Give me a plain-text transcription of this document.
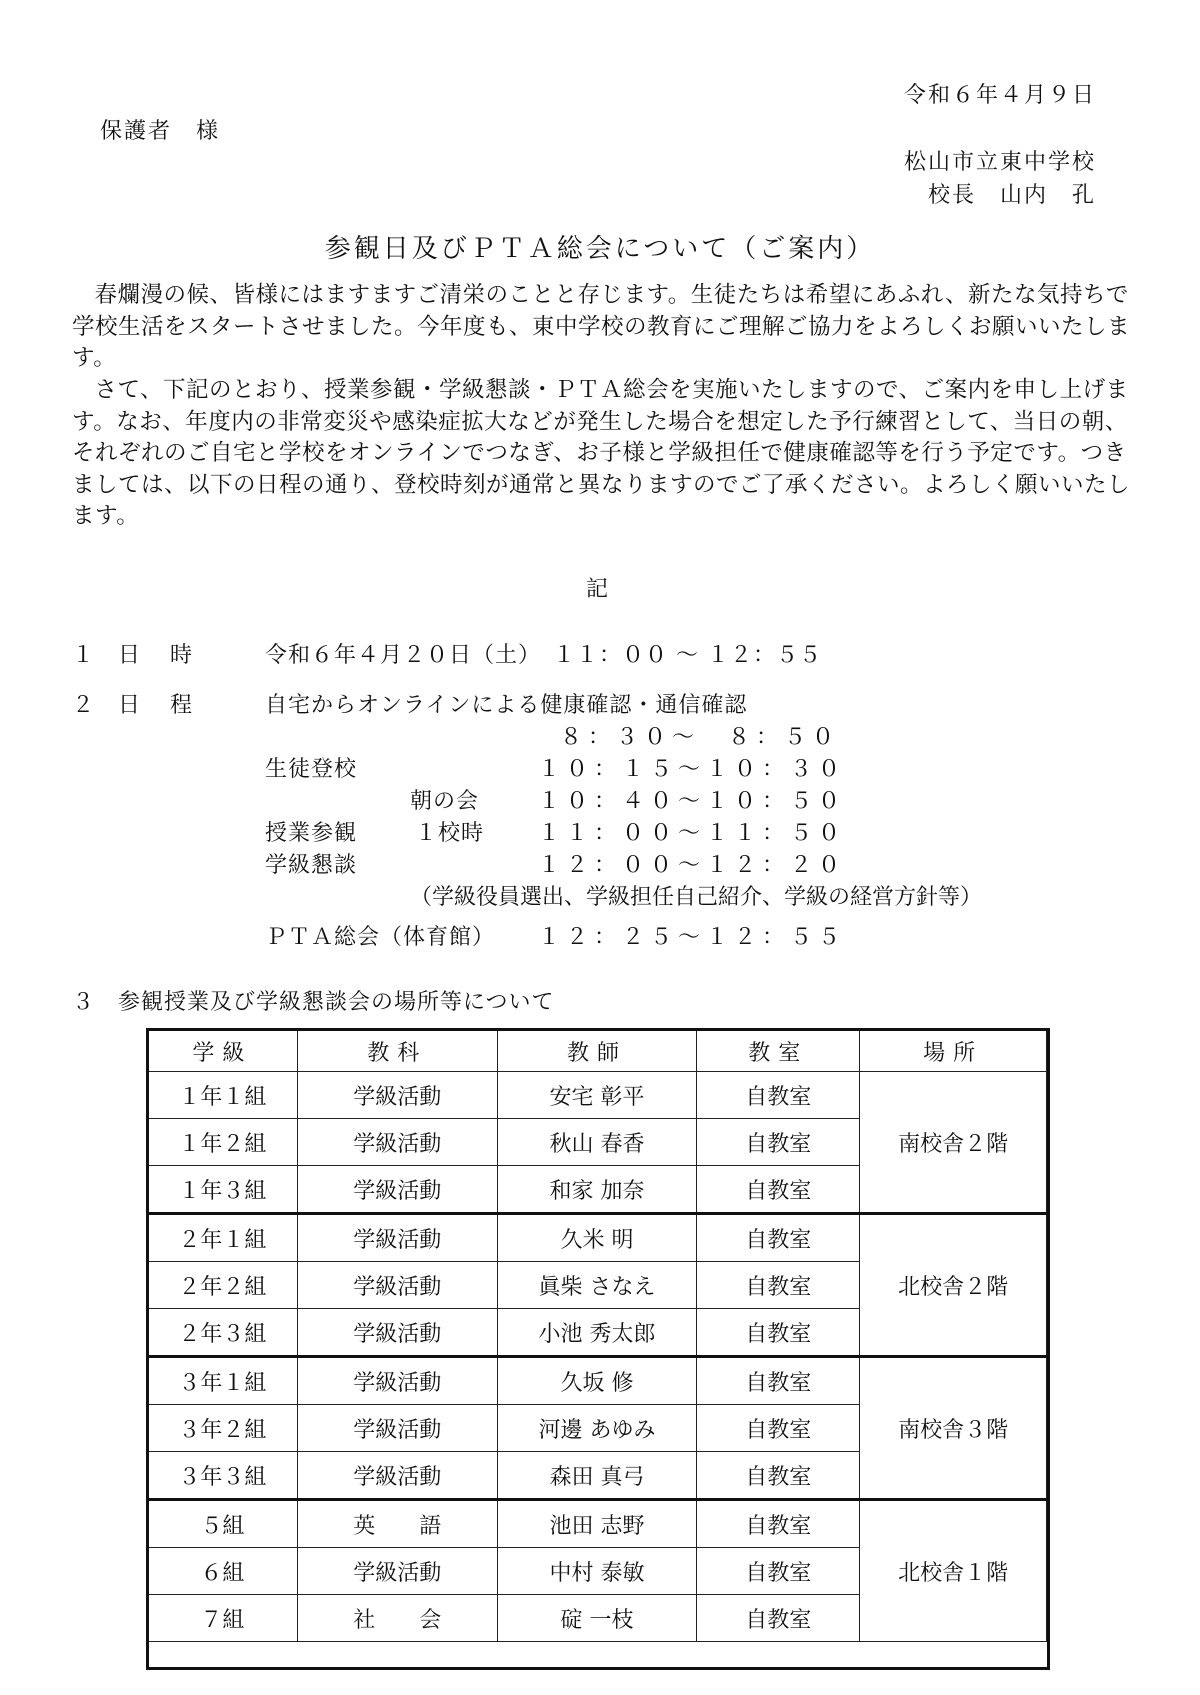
令和６年４月９日
保護者　様
松山市立東中学校
校長　山内　孔
参観日及びＰＴＡ総会について（ご案内）

春爛漫の候、皆様にはますますご清栄のことと存じます。生徒たちは希望にあふれ、新たな気持ちで学校生活をスタートさせました。今年度も、東中学校の教育にご理解ご協力をよろしくお願いいたします。

さて、下記のとおり、授業参観・学級懇談・ＰＴＡ総会を実施いたしますので、ご案内を申し上げます。なお、年度内の非常変災や感染症拡大などが発生した場合を想定した予行練習として、当日の朝、それぞれのご自宅と学校をオンラインでつなぎ、お子様と学級担任で健康確認等を行う予定です。つきましては、以下の日程の通り、登校時刻が通常と異なりますのでご了承ください。よろしく願いいたします。

記
１ 日　時	令和６年４月２０日（土）　１１：００ ～ １２：５５
２ 日　程	自宅からオンラインによる健康確認・通信確認
８：３０～　８：５０
生徒登校	１０：１５～１０：３０
朝の会	１０：４０～１０：５０
授業参観	１校時 １１：００～１１：５０
学級懇談	１２：００～１２：２０
（学級役員選出、学級担任自己紹介、学級の経営方針等）
ＰＴＡ総会（体育館） １２：２５～１２：５５
３ 参観授業及び学級懇談会の場所等について
学級	教科	教師	教室	場所
１年１組	学級活動	安宅 彰平	自教室	南校舎２階
１年２組	学級活動	秋山 春香	自教室	
１年３組	学級活動	和家 加奈	自教室	
２年１組	学級活動	久米 明	自教室	北校舎２階
２年２組	学級活動	眞柴 さなえ	自教室	
２年３組	学級活動	小池 秀太郎	自教室	
３年１組	学級活動	久坂 修	自教室	南校舎３階
３年２組	学級活動	河邊 あゆみ	自教室	
３年３組	学級活動	森田 真弓	自教室	
５組	英　　語	池田 志野	自教室	北校舎１階
６組	学級活動	中村 泰敏	自教室	
７組	社　　会	碇 一枝	自教室	
